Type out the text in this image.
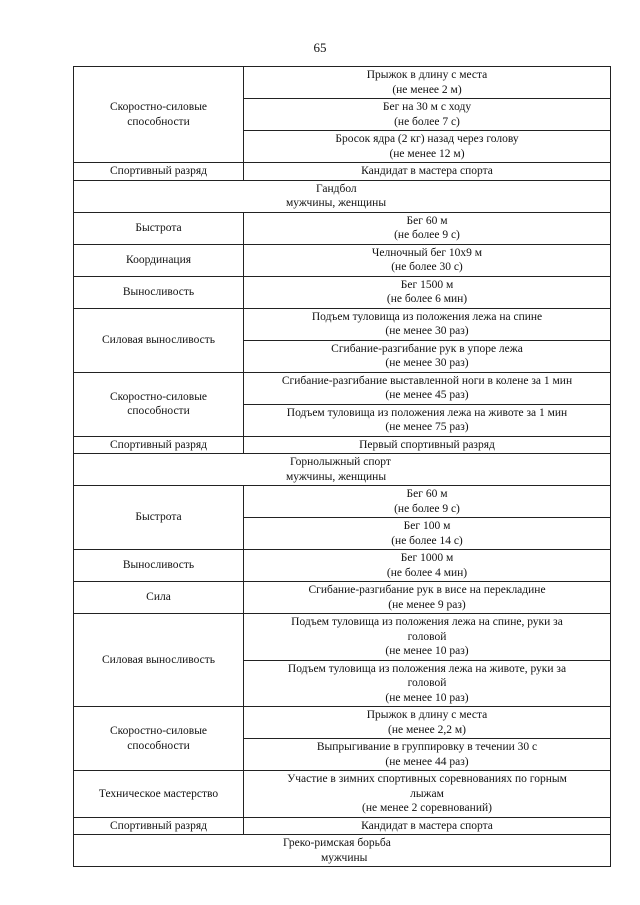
65
Скоростно-силовые способности	Прыжок в длину с места
(не менее 2 м)

	Бег на 30 м с ходу
(не более 7 с)

	Бросок ядра (2 кг) назад через голову
(не менее 12 м)

Спортивный разряд	Кандидат в мастера спорта

Гандбол
мужчины, женщины	

Быстрота	Бег 60 м
(не более 9 с)

Координация	Челночный бег 10х9 м
(не более 30 с)

Выносливость	Бег 1500 м
(не более 6 мин)

Силовая выносливость	Подъем туловища из положения лежа на спине
(не менее 30 раз)

	Сгибание-разгибание рук в упоре лежа
(не менее 30 раз)

Скоростно-силовые способности	Сгибание-разгибание выставленной ноги в колене за 1 мин
(не менее 45 раз)

	Подъем туловища из положения лежа на животе за 1 мин
(не менее 75 раз)

Спортивный разряд	Первый спортивный разряд

Горнолыжный спорт
мужчины, женщины	

Быстрота	Бег 60 м
(не более 9 с)

	Бег 100 м
(не более 14 с)

Выносливость	Бег 1000 м
(не более 4 мин)

Сила	Сгибание-разгибание рук в висе на перекладине
(не менее 9 раз)

Силовая выносливость	Подъем туловища из положения лежа на спине, руки за
головой
(не менее 10 раз)

	Подъем туловища из положения лежа на животе, руки за
головой
(не менее 10 раз)

Скоростно-силовые способности	Прыжок в длину с места
(не менее 2,2 м)

	Выпрыгивание в группировку в течении 30 с
(не менее 44 раз)

Техническое мастерство	Участие в зимних спортивных соревнованиях по горным
лыжам
(не менее 2 соревнований)

Спортивный разряд	Кандидат в мастера спорта

Греко-римская борьба
мужчины	
